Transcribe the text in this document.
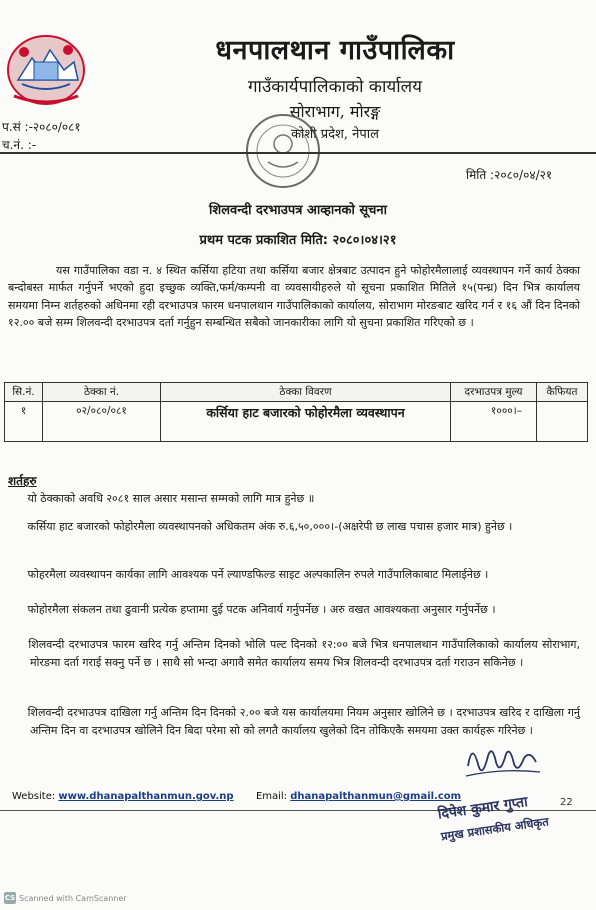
धनपालथान गाउँपालिका
गाउँकार्यपालिकाको कार्यालय
सोराभाग, मोरङ्ग
कोशी प्रदेश, नेपाल
प.सं :-२०८०/०८१
च.नं. :-
मिति :२०८०/०४/२१
शिलवन्दी दरभाउपत्र आव्हानको सूचना
प्रथम पटक प्रकाशित मिति: २०८०।०४।२१

यस गाउँपालिका वडा न. ४ स्थित कर्सिया हटिया तथा कर्सिया बजार क्षेत्रबाट उत्पादन हुने फोहोरमैलालाई व्यवस्थापन गर्ने कार्य ठेक्का बन्दोबस्त मार्फत गर्नुपर्ने भएको हुदा इच्छुक व्यक्ति,फर्म/कम्पनी वा व्यवसायीहरुले यो सूचना प्रकाशित मितिले १५(पन्ध्र) दिन भित्र कार्यालय समयमा निम्न शर्तहरुको अधिनमा रही दरभाउपत्र फारम धनपालथान गाउँपालिकाको कार्यालय, सोराभाग मोरङबाट खरिद गर्न र १६ औं दिन दिनको १२.०० बजे सम्म शिलवन्दी दरभाउपत्र दर्ता गर्नुहुन सम्बन्धित सबैको जानकारीका लागि यो सुचना प्रकाशित गरिएको छ ।

सि.नं.	ठेक्का नं.	ठेक्का विवरण	दरभाउपत्र मुल्य	कैफियत
१	०२/०८०/०८१	कर्सिया हाट बजारको फोहोरमैला व्यवस्थापन	१०००।–	
शर्तहरु
यो ठेक्काको अवधि २०८१ साल असार मसान्त सम्मको लागि मात्र हुनेछ ॥
कर्सिया हाट बजारको फोहोरमैला व्यवस्थापनको अधिकतम अंक रु.६,५०,०००।-(अक्षरेपी छ लाख पचास हजार मात्र) हुनेछ ।
फोहरमैला व्यवस्थापन कार्यका लागि आवश्यक पर्ने ल्याण्डफिल्ड साइट अल्पकालिन रुपले गाउँपालिकाबाट मिलाईनेछ ।
फोहोरमैला संकलन तथा ढुवानी प्रत्येक हप्तामा दुई पटक अनिवार्य गर्नुपर्नेछ । अरु वखत आवश्यकता अनुसार गर्नुपर्नेछ ।
शिलवन्दी दरभाउपत्र फारम खरिद गर्नु अन्तिम दिनको भोलि पल्ट दिनको १२:०० बजे भित्र धनपालथान गाउँपालिकाको कार्यालय सोराभाग, मोरङमा दर्ता गराई सक्नु पर्ने छ । साथै सो भन्दा अगावै समेत कार्यालय समय भित्र शिलवन्दी दरभाउपत्र दर्ता गराउन सकिनेछ ।
शिलवन्दी दरभाउपत्र दाखिला गर्नु अन्तिम दिन दिनको २.०० बजे यस कार्यालयमा नियम अनुसार खोलिने छ । दरभाउपत्र खरिद र दाखिला गर्नु अन्तिम दिन वा दरभाउपत्र खोलिने दिन बिदा परेमा सो को लगतै कार्यालय खुलेको दिन तोकिएकै समयमा उक्त कार्यहरू गरिनेछ ।
Website: www.dhanapalthanmun.gov.np Email: dhanapalthanmun@gmail.com
22
दिपेश कुमार गुप्ता
प्रमुख प्रशासकीय अधिकृत
CS Scanned with CamScanner
